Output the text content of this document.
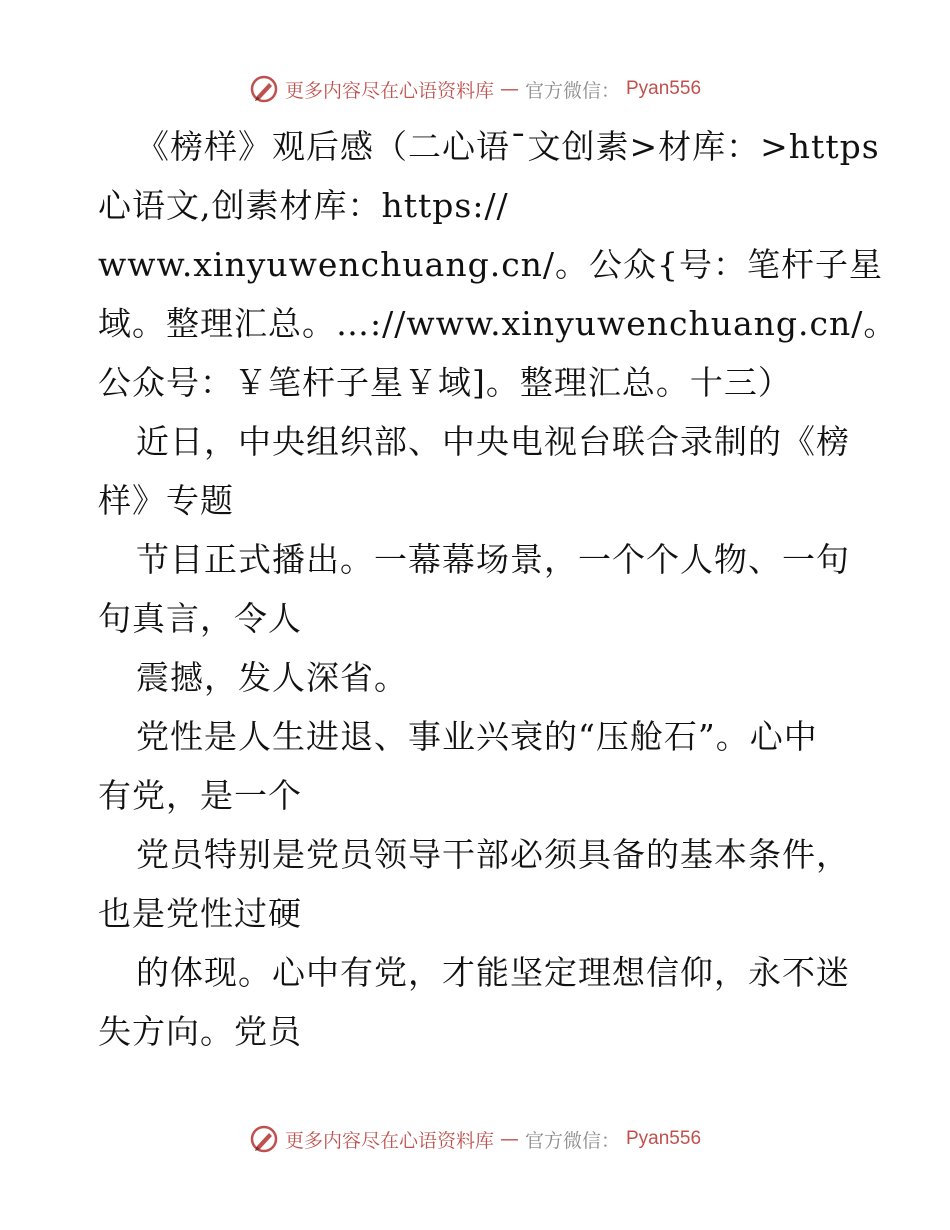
更多内容尽在心语资料库 — 官方微信： Pyan556
《榜样》观后感（二心语¯文创素>材库：>https
心语文,创素材库：https://
www.xinyuwenchuang.cn/。公众{号：笔杆子星
域。整理汇总。…://www.xinyuwenchuang.cn/。
公众号：￥笔杆子星￥域]。整理汇总。十三）
近日，中央组织部、中央电视台联合录制的《榜
样》专题
节目正式播出。一幕幕场景，一个个人物、一句
句真言，令人
震撼，发人深省。
党性是人生进退、事业兴衰的“压舱石”。心中
有党，是一个
党员特别是党员领导干部必须具备的基本条件，
也是党性过硬
的体现。心中有党，才能坚定理想信仰，永不迷
失方向。党员
更多内容尽在心语资料库 — 官方微信： Pyan556
